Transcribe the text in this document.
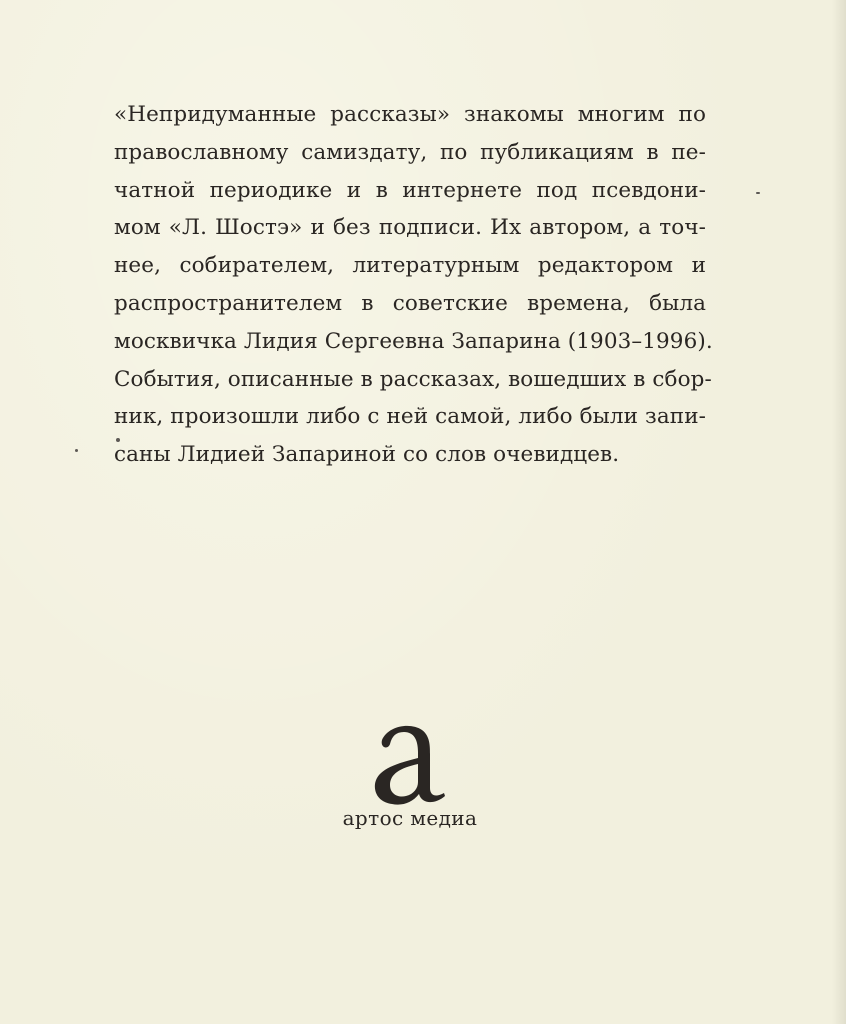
«Непридуманные рассказы» знакомы многим по
православному самиздату, по публикациям в пе-
чатной периодике и в интернете под псевдони-
мом «Л. Шостэ» и без подписи. Их автором, а точ-
нее, собирателем, литературным редактором и
распространителем в советские времена, была
москвичка Лидия Сергеевна Запарина (1903–1996).
События, описанные в рассказах, вошедших в сбор-
ник, произошли либо с ней самой, либо были запи-
саны Лидией Запариной со слов очевидцев.
артос медиа
